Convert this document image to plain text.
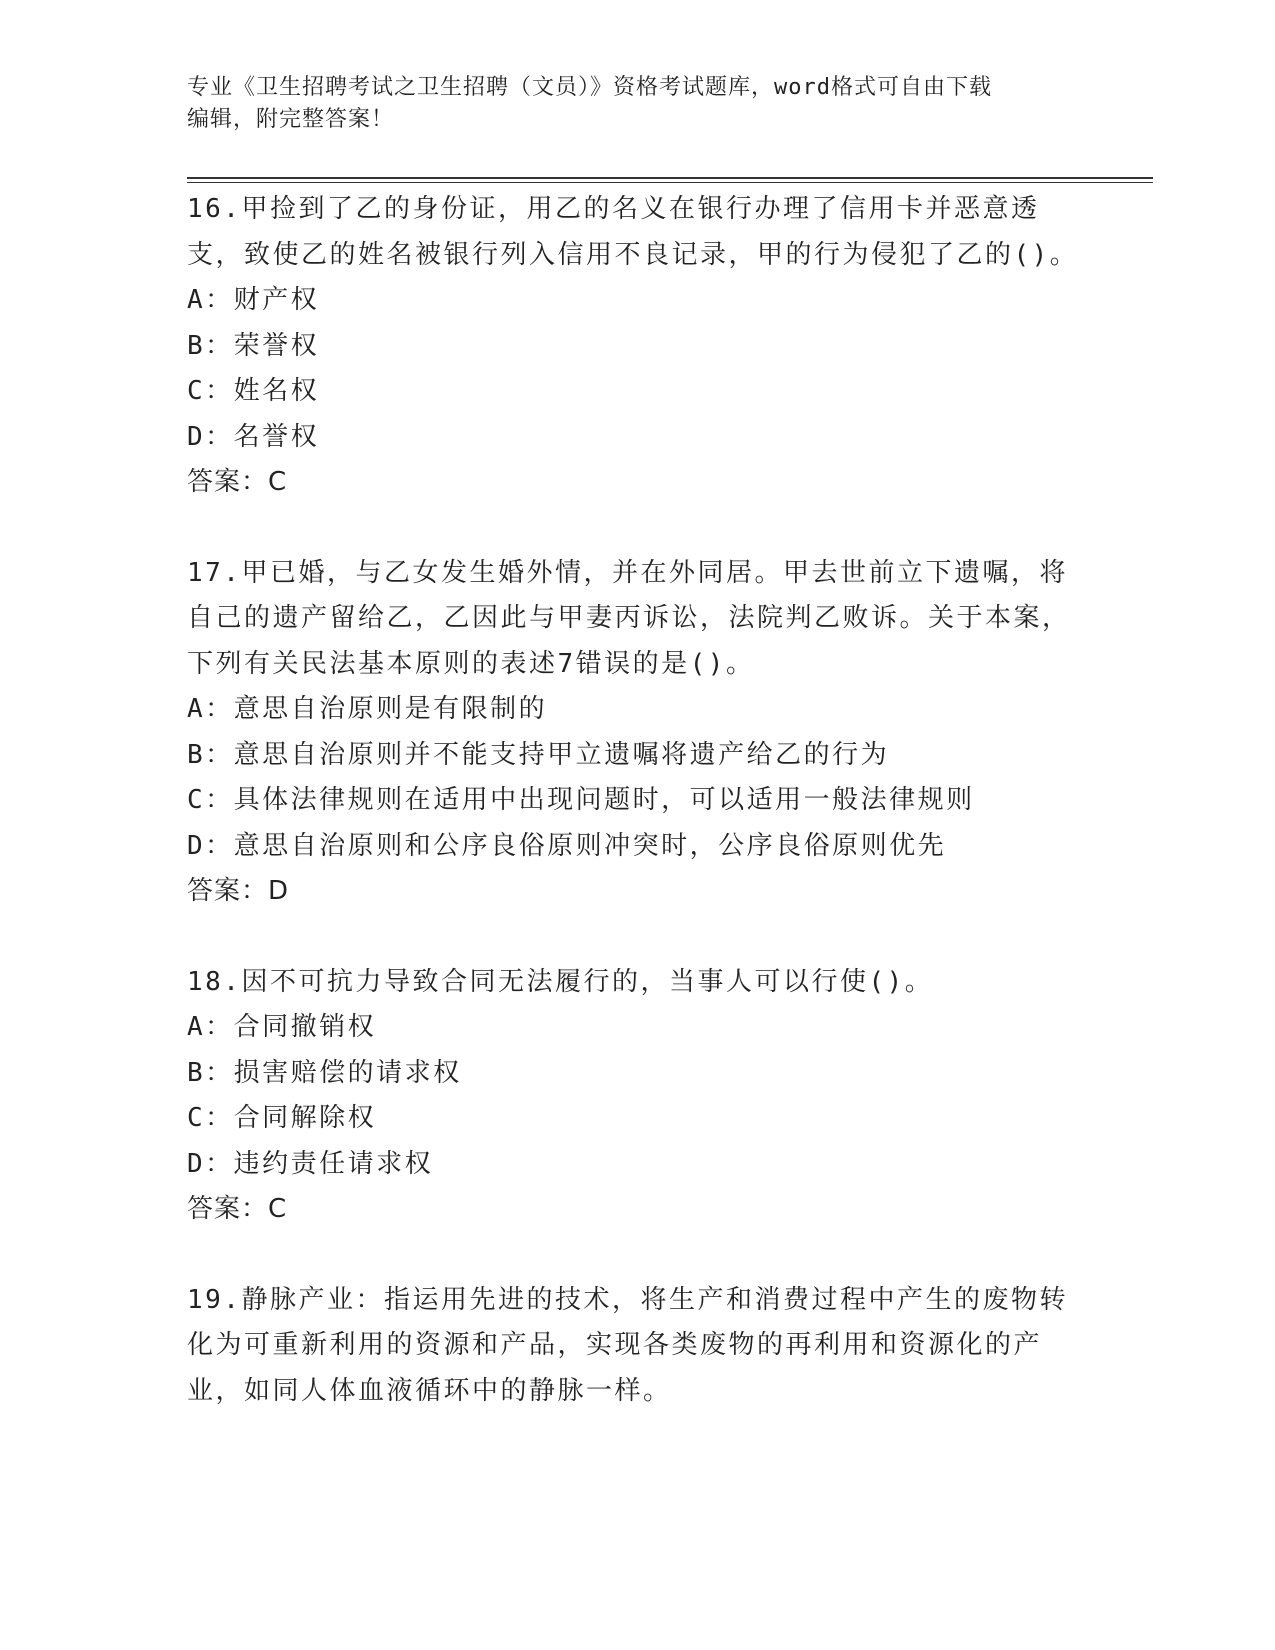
专业《卫生招聘考试之卫生招聘（文员）》资格考试题库，word格式可自由下载
编辑，附完整答案！
16.甲捡到了乙的身份证，用乙的名义在银行办理了信用卡并恶意透支，致使乙的姓名被银行列入信用不良记录，甲的行为侵犯了乙的()。
A：财产权
B：荣誉权
C：姓名权
D：名誉权
答案：C
17.甲已婚，与乙女发生婚外情，并在外同居。甲去世前立下遗嘱，将自己的遗产留给乙，乙因此与甲妻丙诉讼，法院判乙败诉。关于本案，下列有关民法基本原则的表述7错误的是()。
A：意思自治原则是有限制的
B：意思自治原则并不能支持甲立遗嘱将遗产给乙的行为
C：具体法律规则在适用中出现问题时，可以适用一般法律规则
D：意思自治原则和公序良俗原则冲突时，公序良俗原则优先
答案：D
18.因不可抗力导致合同无法履行的，当事人可以行使()。
A：合同撤销权
B：损害赔偿的请求权
C：合同解除权
D：违约责任请求权
答案：C
19.静脉产业：指运用先进的技术，将生产和消费过程中产生的废物转化为可重新利用的资源和产品，实现各类废物的再利用和资源化的产业，如同人体血液循环中的静脉一样。
